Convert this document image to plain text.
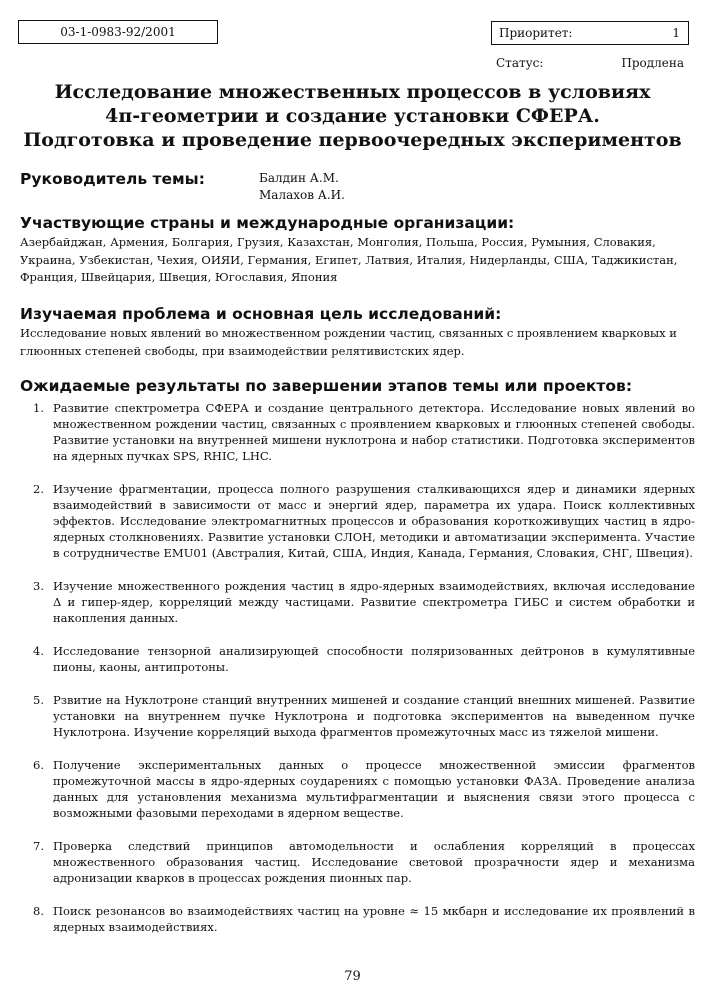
03-1-0983-92/2001	Приоритет:	1
Статус:	Продлена
Исследование множественных процессов в условиях
4π-геометрии и создание установки СФЕРА.
Подготовка и проведение первоочередных экспериментов
Руководитель темы:	Балдин А.М.
Малахов А.И.
Участвующие страны и международные организации:
Азербайджан, Армения, Болгария, Грузия, Казахстан, Монголия, Польша, Россия, Румыния, Словакия, Украина, Узбекистан, Чехия, ОИЯИ, Германия, Египет, Латвия, Италия, Нидерланды, США, Таджикистан, Франция, Швейцария, Швеция, Югославия, Япония
Изучаемая проблема и основная цель исследований:
Исследование новых явлений во множественном рождении частиц, связанных с проявлением кварковых и глюонных степеней свободы, при взаимодействии релятивистских ядер.
Ожидаемые результаты по завершении этапов темы или проектов:
1. Развитие спектрометра СФЕРА и создание центрального детектора. Исследование новых явлений во множественном рождении частиц, связанных с проявлением кварковых и глюонных степеней свободы. Развитие установки на внутренней мишени нуклотрона и набор статистики. Подготовка экспериментов на ядерных пучках SPS, RHIC, LHC.
2. Изучение фрагментации, процесса полного разрушения сталкивающихся ядер и динамики ядерных взаимодействий в зависимости от масс и энергий ядер, параметра их удара. Поиск коллективных эффектов. Исследование электромагнитных процессов и образования короткоживущих частиц в ядро-ядерных столкновениях. Развитие установки СЛОН, методики и автоматизации эксперимента. Участие в сотрудничестве EMU01 (Австралия, Китай, США, Индия, Канада, Германия, Словакия, СНГ, Швеция).
3. Изучение множественного рождения частиц в ядро-ядерных взаимодействиях, включая исследование Δ и гипер-ядер, корреляций между частицами. Развитие спектрометра ГИБС и систем обработки и накопления данных.
4. Исследование тензорной анализирующей способности поляризованных дейтронов в кумулятивные пионы, каоны, антипротоны.
5. Рзвитие на Нуклотроне станций внутренних мишеней и создание станций внешних мишеней. Развитие установки на внутреннем пучке Нуклотрона и подготовка экспериментов на выведенном пучке Нуклотрона. Изучение корреляций выхода фрагментов промежуточных масс из тяжелой мишени.
6. Получение экспериментальных данных о процессе множественной эмиссии фрагментов промежуточной массы в ядро-ядерных соударениях с помощью установки ФАЗА. Проведение анализа данных для установления механизма мультифрагментации и выяснения связи этого процесса с возможными фазовыми переходами в ядерном веществе.
7. Проверка следствий принципов автомодельности и ослабления корреляций в процессах множественного образования частиц. Исследование световой прозрачности ядер и механизма адронизации кварков в процессах рождения пионных пар.
8. Поиск резонансов во взаимодействиях частиц на уровне ≈ 15 мкбарн и исследование их проявлений в ядерных взаимодействиях.
79
